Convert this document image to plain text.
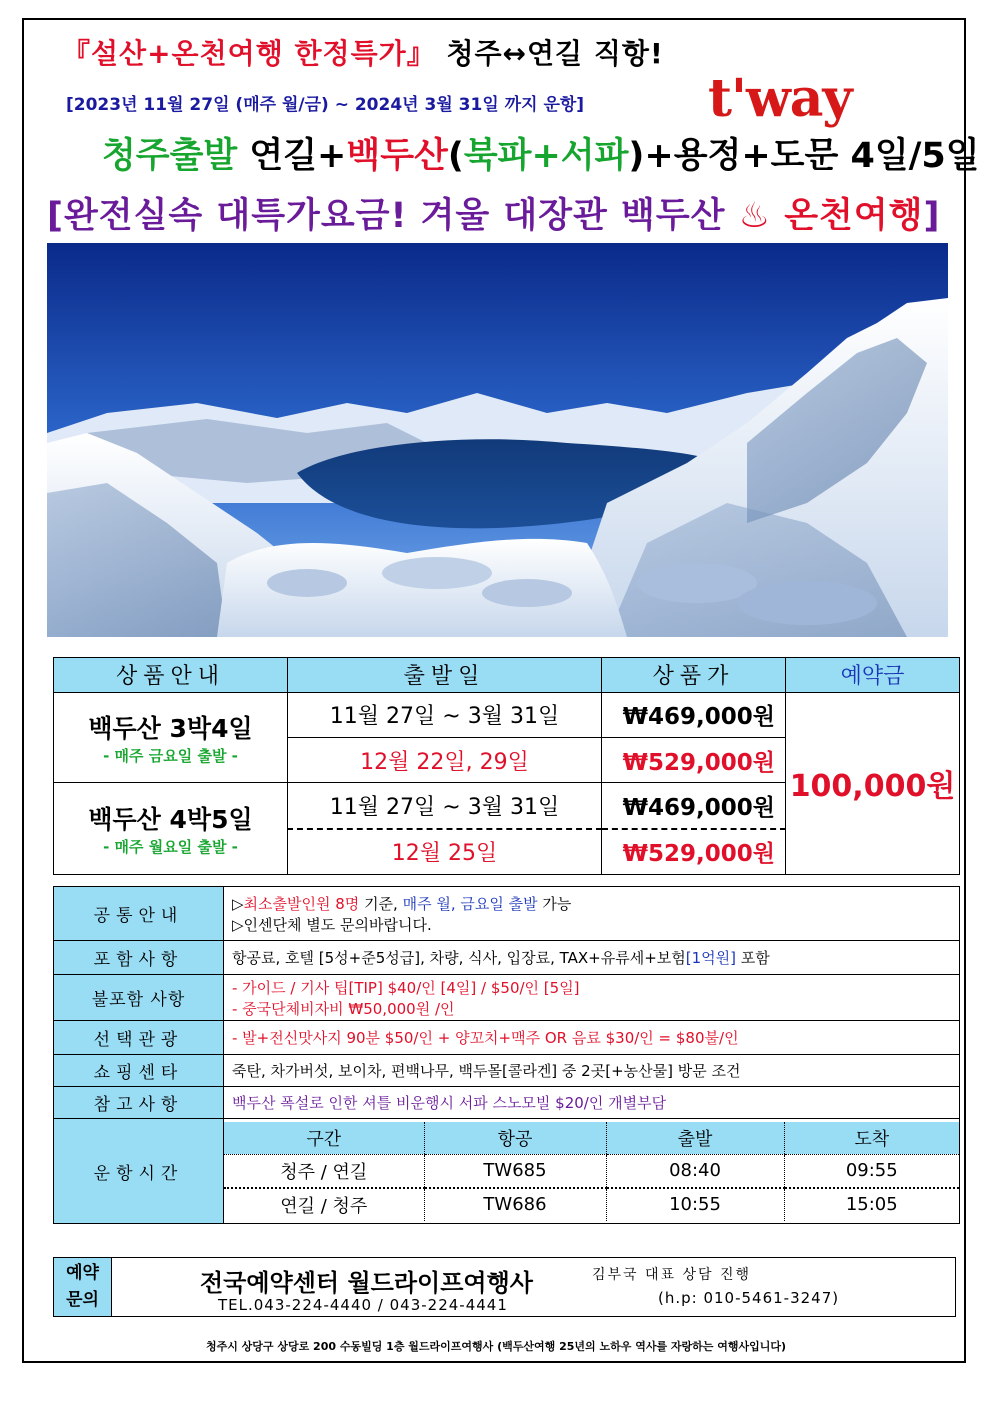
『설산+온천여행 한정특가』 청주↔연길 직항!
[2023년 11월 27일 (매주 월/금) ~ 2024년 3월 31일 까지 운항] t'way
청주출발 연길+백두산(북파+서파)+용정+도문 4일/5일
[완전실속 대특가요금! 겨울 대장관 백두산 ♨ 온천여행]
상품안내	출발일	상품가	예약금

백두산 3박4일
- 매주 금요일 출발 -	11월 27일 ~ 3월 31일	₩469,000원	100,000원
	12월 22일, 29일	₩529,000원	

백두산 4박5일
- 매주 월요일 출발 -	11월 27일 ~ 3월 31일	₩469,000원	
	12월 25일	₩529,000원	
공통안내	
▷최소출발인원 8명 기준, 매주 월, 금요일 출발 가능
▷인센단체 별도 문의바랍니다.

포함사항	항공료, 호텔 [5성+준5성급], 차량, 식사, 입장료, TAX+유류세+보험[1억원] 포함
불포함 사항	
- 가이드 / 기사 팁[TIP] $40/인 [4일] / $50/인 [5일]
- 중국단체비자비 ₩50,000원 /인

선택관광	- 발+전신맛사지 90분 $50/인 + 양꼬치+맥주 OR 음료 $30/인 = $80불/인
쇼핑센타	죽탄, 차가버섯, 보이차, 편백나무, 백두몰[콜라겐] 중 2곳[+농산물] 방문 조건
참고사항	백두산 폭설로 인한 셔틀 비운행시 서파 스노모빌 $20/인 개별부담
운항시간	
구간	항공	출발	도착
청주 / 연길	TW685	08:40	09:55
연길 / 청주	TW686	10:55	15:05
예약
문의
전국예약센터 월드라이프여행사
TEL.043-224-4440 / 043-224-4441
김부국 대표 상담 진행
(h.p: 010-5461-3247)
청주시 상당구 상당로 200 수동빌딩 1층 월드라이프여행사 (백두산여행 25년의 노하우 역사를 자랑하는 여행사입니다)
